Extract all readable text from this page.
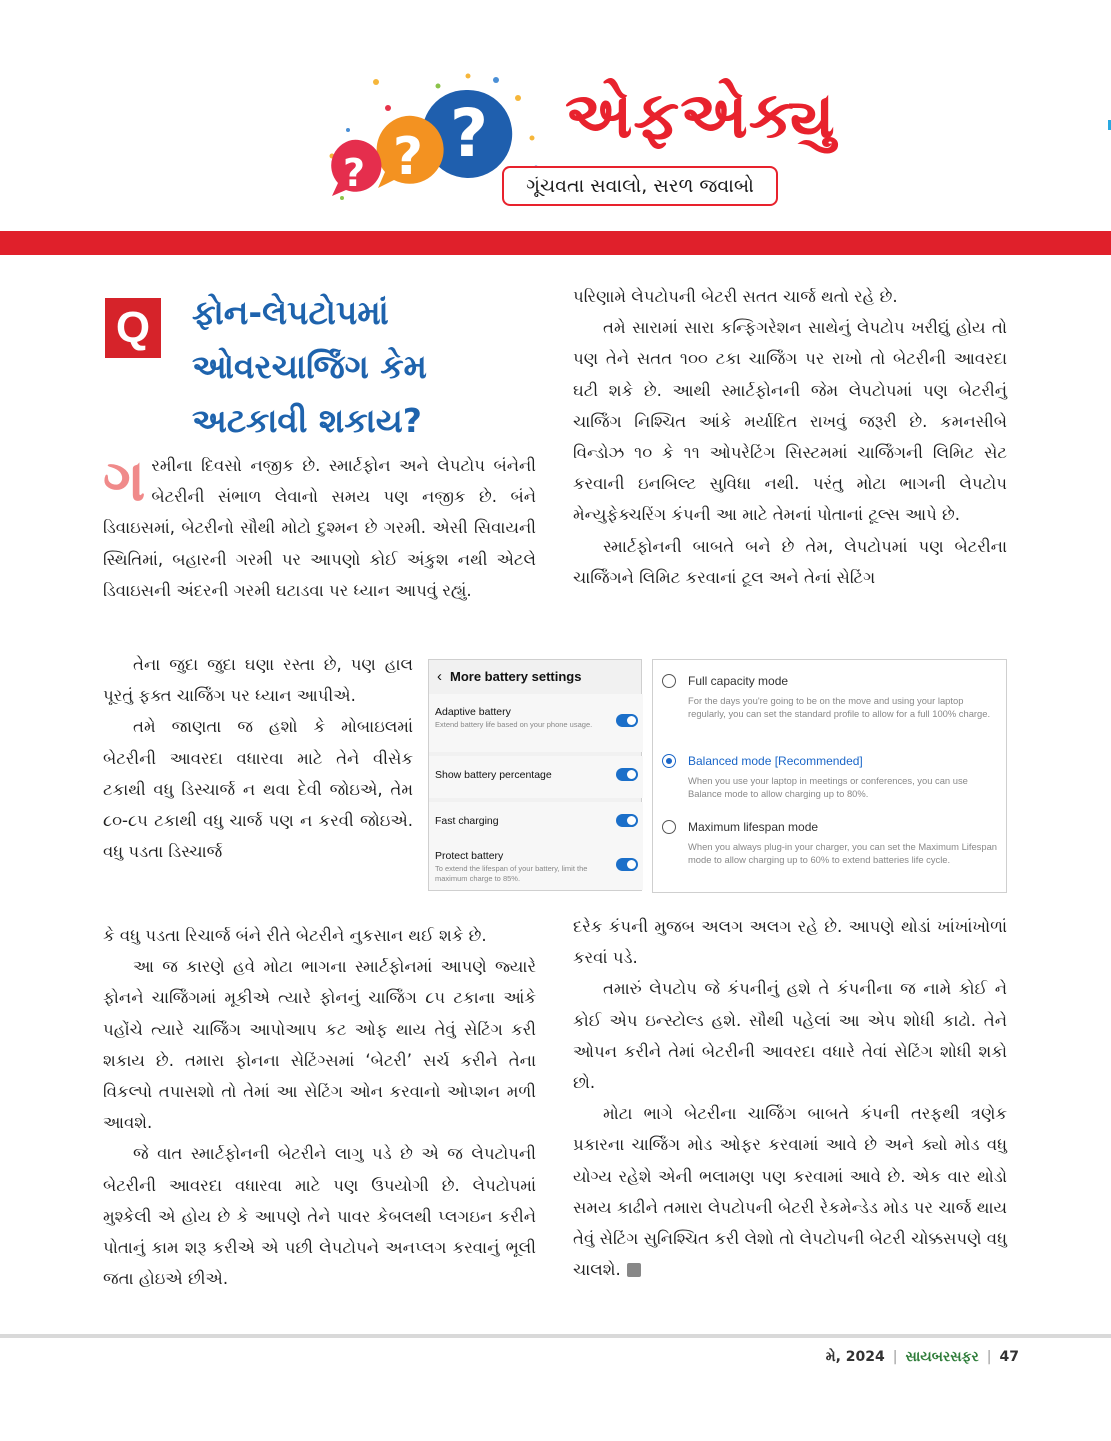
?
?
?
એફએક્યુ
ગૂંચવતા સવાલો, સરળ જવાબો
Q	ફોન-લેપટોપમાં ઓવરચાર્જિંગ કેમ અટકાવી શકાય?

ગરમીના દિવસો નજીક છે. સ્માર્ટફોન અને લેપટોપ બંનેની બેટરીની સંભાળ લેવાનો સમય પણ નજીક છે. બંને ડિવાઇસમાં, બેટરીનો સૌથી મોટો દુશ્મન છે ગરમી. એસી સિવાયની સ્થિતિમાં, બહારની ગરમી પર આપણો કોઈ અંકુશ નથી એટલે ડિવાઇસની અંદરની ગરમી ઘટાડવા પર ધ્યાન આપવું રહ્યું.

તેના જુદા જુદા ઘણા રસ્તા છે, પણ હાલ પૂરતું ફક્ત ચાર્જિંગ પર ધ્યાન આપીએ.

તમે જાણતા જ હશો કે મોબાઇલમાં બેટરીની આવરદા વધારવા માટે તેને વીસેક ટકાથી વધુ ડિસ્ચાર્જ ન થવા દેવી જોઇએ, તેમ ૮૦-૮૫ ટકાથી વધુ ચાર્જ પણ ન કરવી જોઇએ. વધુ પડતા ડિસ્ચાર્જ

કે વધુ પડતા રિચાર્જ બંને રીતે બેટરીને નુકસાન થઈ શકે છે.

આ જ કારણે હવે મોટા ભાગના સ્માર્ટફોનમાં આપણે જ્યારે ફોનને ચાર્જિંગમાં મૂકીએ ત્યારે ફોનનું ચાર્જિંગ ૮૫ ટકાના આંકે પહોંચે ત્યારે ચાર્જિંગ આપોઆપ કટ ઓફ થાય તેવું સેટિંગ કરી શકાય છે. તમારા ફોનના સેટિંગ્સમાં ‘બેટરી’ સર્ચ કરીને તેના વિકલ્પો તપાસશો તો તેમાં આ સેટિંગ ઓન કરવાનો ઓપ્શન મળી આવશે.

જે વાત સ્માર્ટફોનની બેટરીને લાગુ પડે છે એ જ લેપટોપની બેટરીની આવરદા વધારવા માટે પણ ઉપયોગી છે. લેપટોપમાં મુશ્કેલી એ હોય છે કે આપણે તેને પાવર કેબલથી પ્લગઇન કરીને પોતાનું કામ શરૂ કરીએ એ પછી લેપટોપને અનપ્લગ કરવાનું ભૂલી જતા હોઇએ છીએ.

પરિણામે લેપટોપની બેટરી સતત ચાર્જ થતો રહે છે.

તમે સારામાં સારા કન્ફિગરેશન સાથેનું લેપટોપ ખરીદ્યું હોય તો પણ તેને સતત ૧૦૦ ટકા ચાર્જિંગ પર રાખો તો બેટરીની આવરદા ઘટી શકે છે. આથી સ્માર્ટફોનની જેમ લેપટોપમાં પણ બેટરીનું ચાર્જિંગ નિશ્ચિત આંકે મર્યાદિત રાખવું જરૂરી છે. કમનસીબે વિન્ડોઝ ૧૦ કે ૧૧ ઓપરેટિંગ સિસ્ટમમાં ચાર્જિંગની લિમિટ સેટ કરવાની ઇનબિલ્ટ સુવિધા નથી. પરંતુ મોટા ભાગની લેપટોપ મેન્યુફેક્ચરિંગ કંપની આ માટે તેમનાં પોતાનાં ટૂલ્સ આપે છે.

સ્માર્ટફોનની બાબતે બને છે તેમ, લેપટોપમાં પણ બેટરીના ચાર્જિંગને લિમિટ કરવાનાં ટૂલ અને તેનાં સેટિંગ

દરેક કંપની મુજબ અલગ અલગ રહે છે. આપણે થોડાં ખાંખાંખોળાં કરવાં પડે.

તમારું લેપટોપ જે કંપનીનું હશે તે કંપનીના જ નામે કોઈ ને કોઈ એપ ઇન્સ્ટોલ્ડ હશે. સૌથી પહેલાં આ એપ શોધી કાઢો. તેને ઓપન કરીને તેમાં બેટરીની આવરદા વધારે તેવાં સેટિંગ શોધી શકો છો.

મોટા ભાગે બેટરીના ચાર્જિંગ બાબતે કંપની તરફથી ત્રણેક પ્રકારના ચાર્જિંગ મોડ ઓફર કરવામાં આવે છે અને ક્યો મોડ વધુ યોગ્ય રહેશે એની ભલામણ પણ કરવામાં આવે છે. એક વાર થોડો સમય કાઢીને તમારા લેપટોપની બેટરી રેકમેન્ડેડ મોડ પર ચાર્જ થાય તેવું સેટિંગ સુનિશ્ચિત કરી લેશો તો લેપટોપની બેટરી ચોક્કસપણે વધુ ચાલશે.

‹ More battery settings
Adaptive battery
Extend battery life based on your phone usage.
Show battery percentage
Fast charging
Protect battery
To extend the lifespan of your battery, limit the maximum charge to 85%.
Full capacity mode
For the days you're going to be on the move and using your laptop regularly, you can set the standard profile to allow for a full 100% charge.
Balanced mode [Recommended]
When you use your laptop in meetings or conferences, you can use Balance mode to allow charging up to 80%.
Maximum lifespan mode
When you always plug-in your charger, you can set the Maximum Lifespan mode to allow charging up to 60% to extend batteries life cycle.
મે, 2024 | સાયબરસફર | 47
